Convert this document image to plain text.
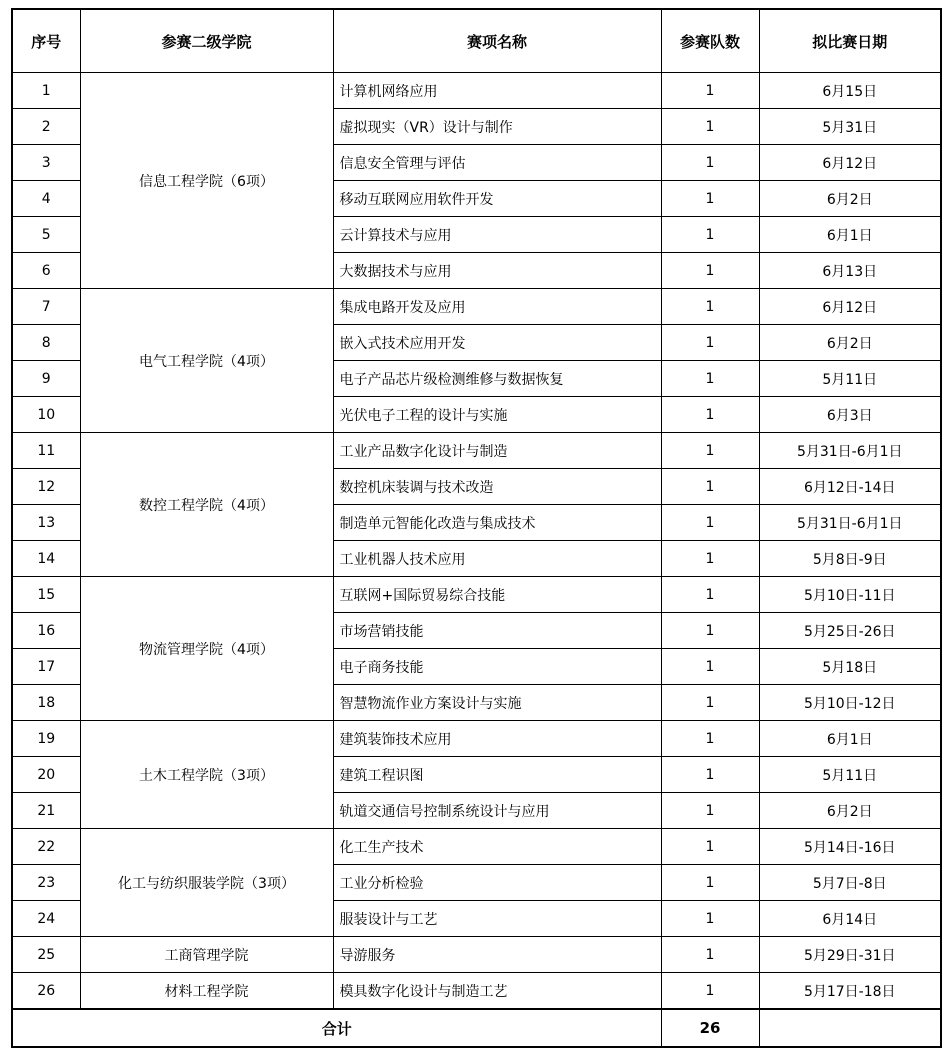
序号	参赛二级学院	赛项名称	参赛队数	拟比赛日期
1	信息工程学院（6项）	计算机网络应用	1	6月15日
2		虚拟现实（VR）设计与制作	1	5月31日
3		信息安全管理与评估	1	6月12日
4		移动互联网应用软件开发	1	6月2日
5		云计算技术与应用	1	6月1日
6		大数据技术与应用	1	6月13日
7	电气工程学院（4项）	集成电路开发及应用	1	6月12日
8		嵌入式技术应用开发	1	6月2日
9		电子产品芯片级检测维修与数据恢复	1	5月11日
10		光伏电子工程的设计与实施	1	6月3日
11	数控工程学院（4项）	工业产品数字化设计与制造	1	5月31日-6月1日
12		数控机床装调与技术改造	1	6月12日-14日
13		制造单元智能化改造与集成技术	1	5月31日-6月1日
14		工业机器人技术应用	1	5月8日-9日
15	物流管理学院（4项）	互联网+国际贸易综合技能	1	5月10日-11日
16		市场营销技能	1	5月25日-26日
17		电子商务技能	1	5月18日
18		智慧物流作业方案设计与实施	1	5月10日-12日
19	土木工程学院（3项）	建筑装饰技术应用	1	6月1日
20		建筑工程识图	1	5月11日
21		轨道交通信号控制系统设计与应用	1	6月2日
22	化工与纺织服装学院（3项）	化工生产技术	1	5月14日-16日
23		工业分析检验	1	5月7日-8日
24		服装设计与工艺	1	6月14日
25	工商管理学院	导游服务	1	5月29日-31日
26	材料工程学院	模具数字化设计与制造工艺	1	5月17日-18日
合计			26	
